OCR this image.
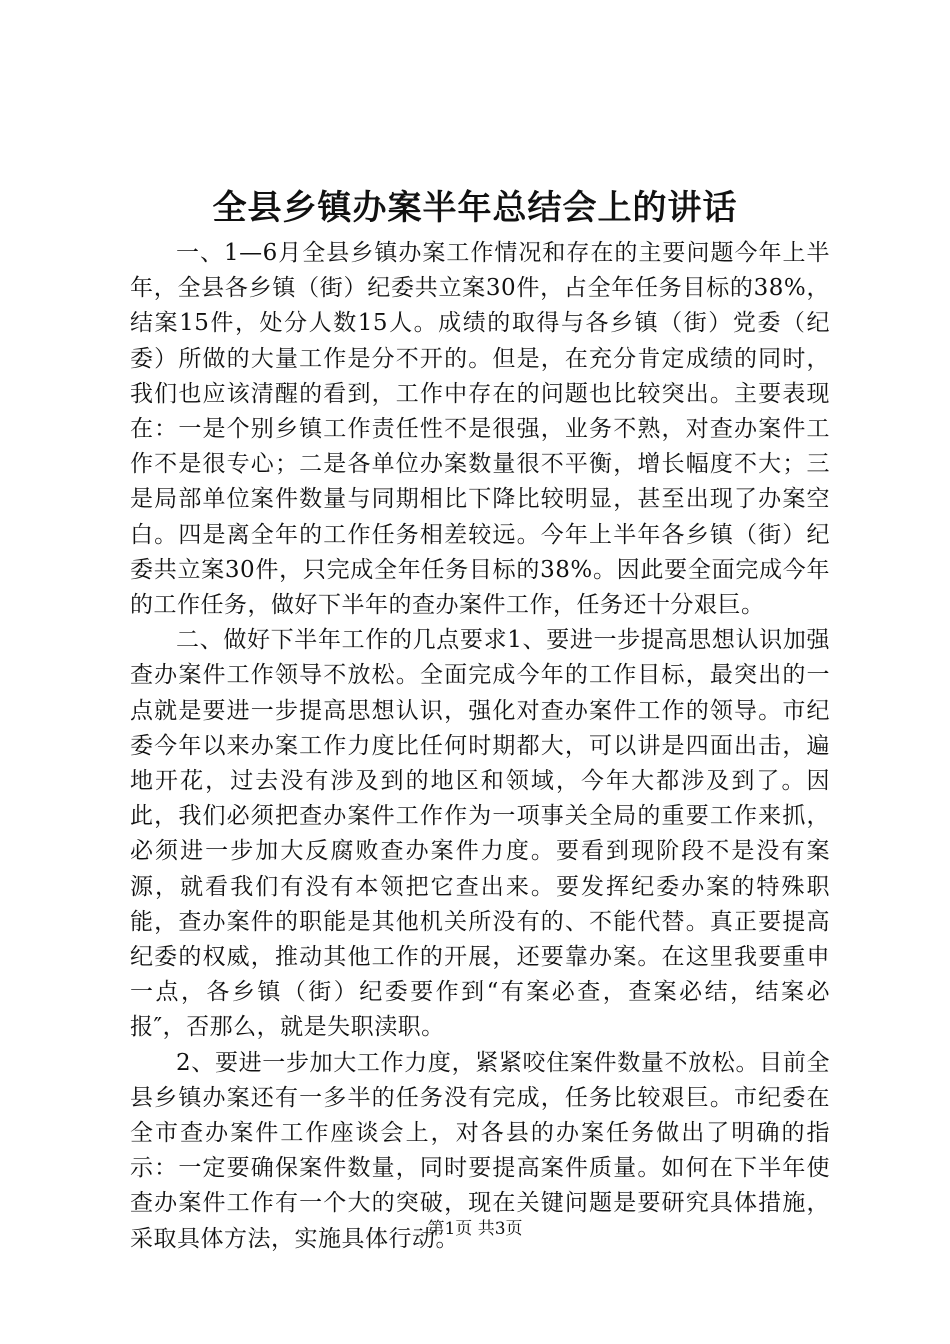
全县乡镇办案半年总结会上的讲话

一、1—6月全县乡镇办案工作情况和存在的主要问题今年上半年，全县各乡镇（街）纪委共立案30件，占全年任务目标的38%，结案15件，处分人数15人。成绩的取得与各乡镇（街）党委（纪委）所做的大量工作是分不开的。但是，在充分肯定成绩的同时，我们也应该清醒的看到，工作中存在的问题也比较突出。主要表现在：一是个别乡镇工作责任性不是很强，业务不熟，对查办案件工作不是很专心；二是各单位办案数量很不平衡，增长幅度不大；三是局部单位案件数量与同期相比下降比较明显，甚至出现了办案空白。四是离全年的工作任务相差较远。今年上半年各乡镇（街）纪委共立案30件，只完成全年任务目标的38%。因此要全面完成今年的工作任务，做好下半年的查办案件工作，任务还十分艰巨。

二、做好下半年工作的几点要求1、要进一步提高思想认识加强查办案件工作领导不放松。全面完成今年的工作目标，最突出的一点就是要进一步提高思想认识，强化对查办案件工作的领导。市纪委今年以来办案工作力度比任何时期都大，可以讲是四面出击，遍地开花，过去没有涉及到的地区和领域，今年大都涉及到了。因此，我们必须把查办案件工作作为一项事关全局的重要工作来抓，必须进一步加大反腐败查办案件力度。要看到现阶段不是没有案源，就看我们有没有本领把它查出来。要发挥纪委办案的特殊职能，查办案件的职能是其他机关所没有的、不能代替。真正要提高纪委的权威，推动其他工作的开展，还要靠办案。在这里我要重申一点，各乡镇（街）纪委要作到“有案必查，查案必结，结案必报″，否那么，就是失职渎职。

2、要进一步加大工作力度，紧紧咬住案件数量不放松。目前全县乡镇办案还有一多半的任务没有完成，任务比较艰巨。市纪委在全市查办案件工作座谈会上，对各县的办案任务做出了明确的指示：一定要确保案件数量，同时要提高案件质量。如何在下半年使查办案件工作有一个大的突破，现在关键问题是要研究具体措施，采取具体方法，实施具体行动。

第1页 共3页
